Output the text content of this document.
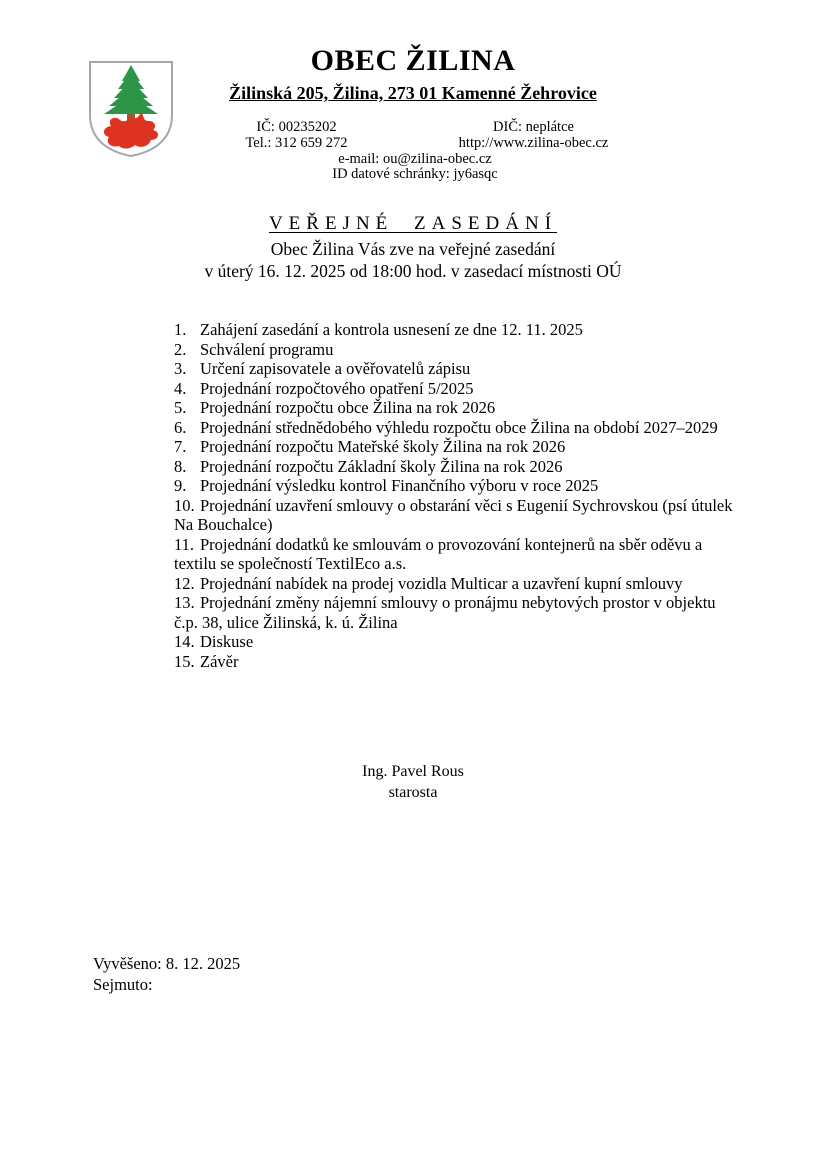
OBEC ŽILINA
Žilinská 205, Žilina, 273 01 Kamenné Žehrovice
IČ: 00235202	DIČ: neplátce
Tel.: 312 659 272	http://www.zilina-obec.cz
e-mail: ou@zilina-obec.cz
ID datové schránky: jy6asqc
VEŘEJNÉ ZASEDÁNÍ
Obec Žilina Vás zve na veřejné zasedání
v úterý 16. 12. 2025 od 18:00 hod. v zasedací místnosti OÚ
1. Zahájení zasedání a kontrola usnesení ze dne 12. 11. 2025
2. Schválení programu
3. Určení zapisovatele a ověřovatelů zápisu
4. Projednání rozpočtového opatření 5/2025
5. Projednání rozpočtu obce Žilina na rok 2026
6. Projednání střednědobého výhledu rozpočtu obce Žilina na období 2027–2029
7. Projednání rozpočtu Mateřské školy Žilina na rok 2026
8. Projednání rozpočtu Základní školy Žilina na rok 2026
9. Projednání výsledku kontrol Finančního výboru v roce 2025
10. Projednání uzavření smlouvy o obstarání věci s Eugenií Sychrovskou (psí útulek Na Bouchalce)
11. Projednání dodatků ke smlouvám o provozování kontejnerů na sběr oděvu a textilu se společností TextilEco a.s.
12. Projednání nabídek na prodej vozidla Multicar a uzavření kupní smlouvy
13. Projednání změny nájemní smlouvy o pronájmu nebytových prostor v objektu č.p. 38, ulice Žilinská, k. ú. Žilina
14. Diskuse
15. Závěr
Ing. Pavel Rous
starosta
Vyvěšeno: 8. 12. 2025
Sejmuto:
